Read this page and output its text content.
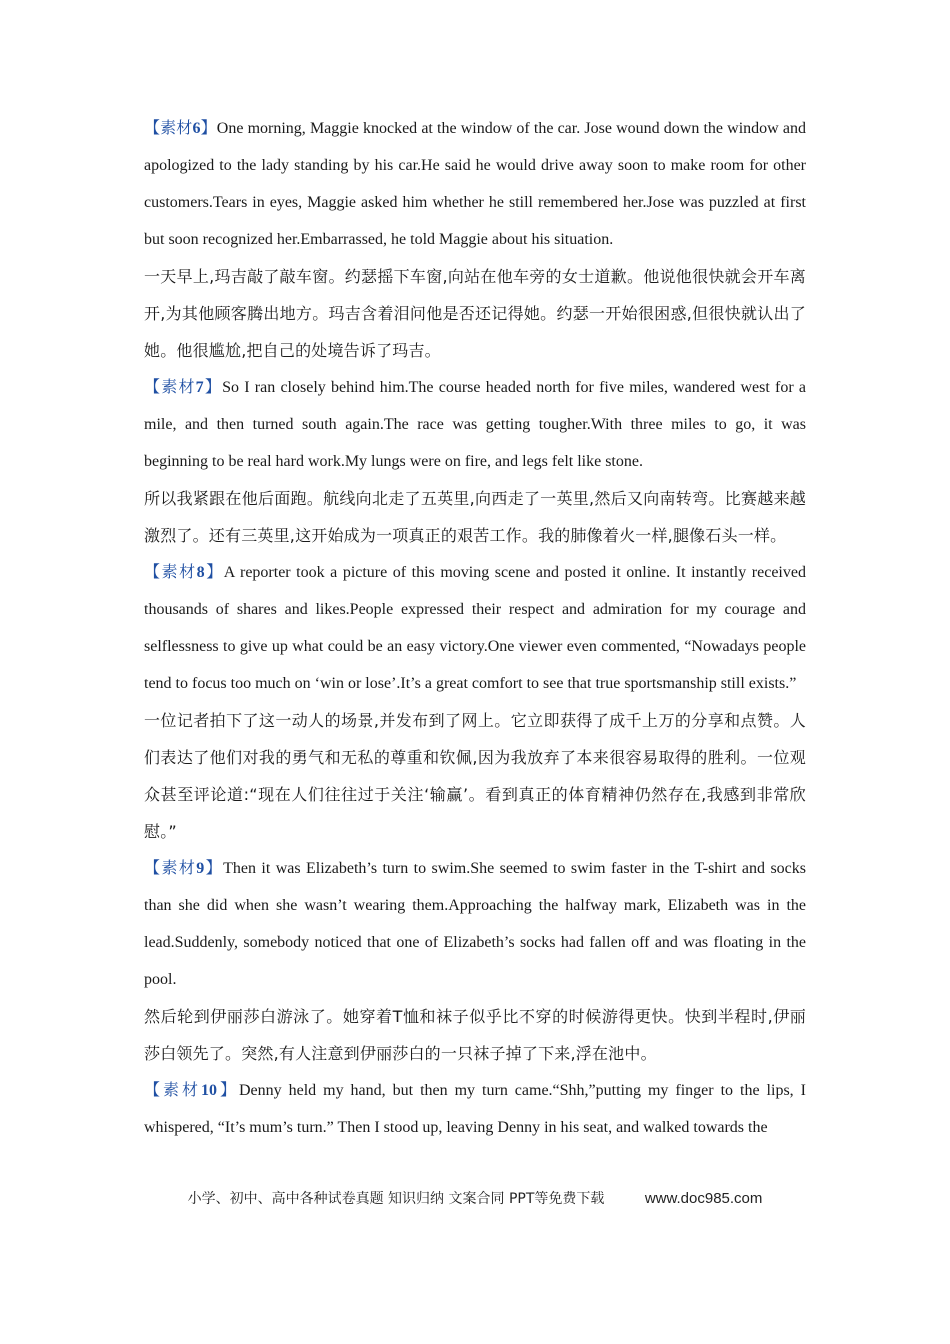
【素材6】One morning, Maggie knocked at the window of the car. Jose wound down the window and apologized to the lady standing by his car.He said he would drive away soon to make room for other customers.Tears in eyes, Maggie asked him whether he still remembered her.Jose was puzzled at first but soon recognized her.Embarrassed, he told Maggie about his situation.

一天早上,玛吉敲了敲车窗。约瑟摇下车窗,向站在他车旁的女士道歉。他说他很快就会开车离开,为其他顾客腾出地方。玛吉含着泪问他是否还记得她。约瑟一开始很困惑,但很快就认出了她。他很尴尬,把自己的处境告诉了玛吉。

【素材7】So I ran closely behind him.The course headed north for five miles, wandered west for a mile, and then turned south again.The race was getting tougher.With three miles to go, it was beginning to be real hard work.My lungs were on fire, and legs felt like stone.

所以我紧跟在他后面跑。航线向北走了五英里,向西走了一英里,然后又向南转弯。比赛越来越激烈了。还有三英里,这开始成为一项真正的艰苦工作。我的肺像着火一样,腿像石头一样。

【素材8】A reporter took a picture of this moving scene and posted it online. It instantly received thousands of shares and likes.People expressed their respect and admiration for my courage and selflessness to give up what could be an easy victory.One viewer even commented, “Nowadays people tend to focus too much on ‘win or lose’.It’s a great comfort to see that true sportsmanship still exists.”

一位记者拍下了这一动人的场景,并发布到了网上。它立即获得了成千上万的分享和点赞。人们表达了他们对我的勇气和无私的尊重和钦佩,因为我放弃了本来很容易取得的胜利。一位观众甚至评论道:“现在人们往往过于关注‘输赢’。看到真正的体育精神仍然存在,我感到非常欣慰。”

【素材9】Then it was Elizabeth’s turn to swim.She seemed to swim faster in the T-shirt and socks than she did when she wasn’t wearing them.Approaching the halfway mark, Elizabeth was in the lead.Suddenly, somebody noticed that one of Elizabeth’s socks had fallen off and was floating in the pool.

然后轮到伊丽莎白游泳了。她穿着T恤和袜子似乎比不穿的时候游得更快。快到半程时,伊丽莎白领先了。突然,有人注意到伊丽莎白的一只袜子掉了下来,浮在池中。

【素材10】Denny held my hand, but then my turn came.“Shh,”putting my finger to the lips, I whispered, “It’s mum’s turn.” Then I stood up, leaving Denny in his seat, and walked towards the

小学、初中、高中各种试卷真题 知识归纳 文案合同 PPT等免费下载	www.doc985.com
